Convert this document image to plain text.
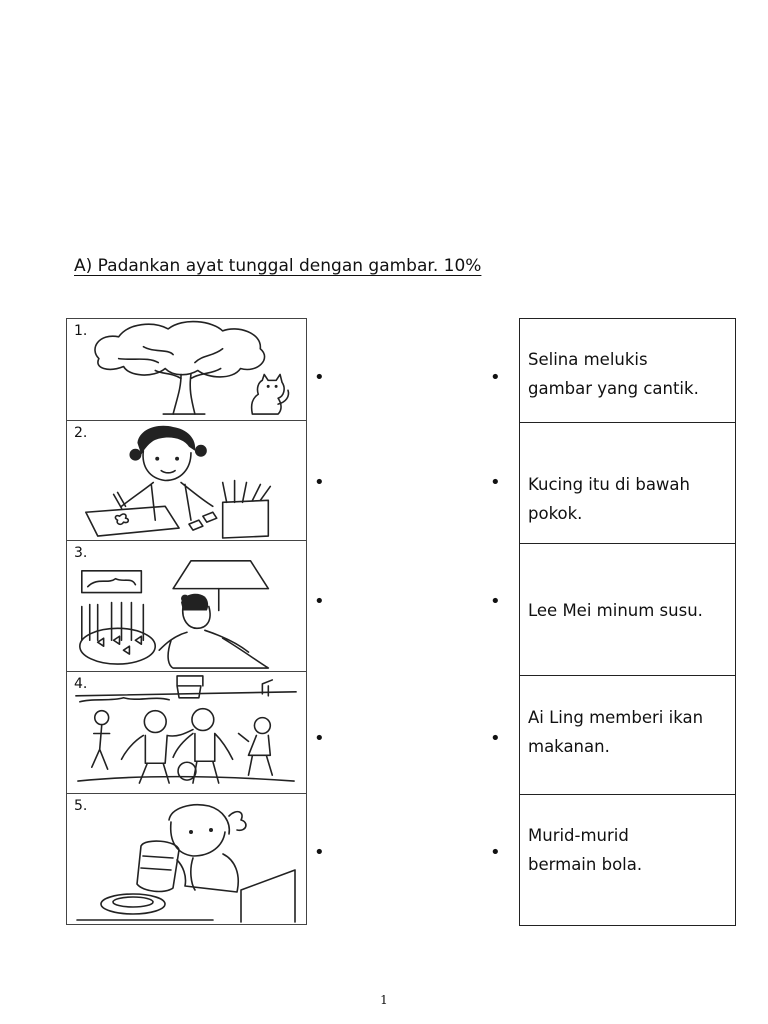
A) Padankan ayat tunggal dengan gambar. 10%
1.
2.
3.
4.
5.
•
•
•
•
•
•
•
•
•
•
Selina melukis
gambar yang cantik.
Kucing itu di bawah
pokok.
Lee Mei minum susu.
Ai Ling memberi ikan
makanan.
Murid-murid
bermain bola.
1
